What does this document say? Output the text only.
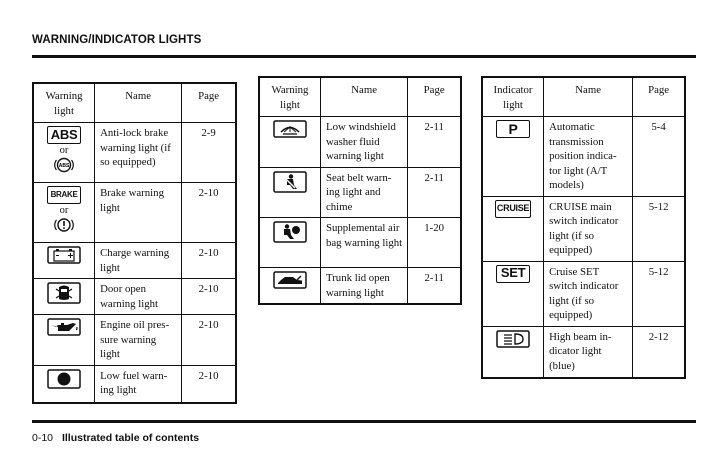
WARNING/INDICATOR LIGHTS
Warning light	Name	Page
ABS
or
ABS	Anti-lock brake warning light (if so equipped)	2-9
BRAKE
or	Brake warning light	2-10

	Charge warning light	2-10

	Door open warning light	2-10

	Engine oil pres-sure warning light	2-10

	Low fuel warn-ing light	2-10
Warning light	Name	Page

	Low windshield washer fluid warning light	2-11

	Seat belt warn-ing light and chime	2-11

	Supplemental air bag warning light	1-20

	Trunk lid open warning light	2-11
Indicator light	Name	Page
P	Automatic transmission position indica-tor light (A/T models)	5-4
CRUISE	CRUISE main switch indicator light (if so equipped)	5-12
SET	Cruise SET switch indicator light (if so equipped)	5-12

	High beam in-dicator light (blue)	2-12
0-10 Illustrated table of contents
